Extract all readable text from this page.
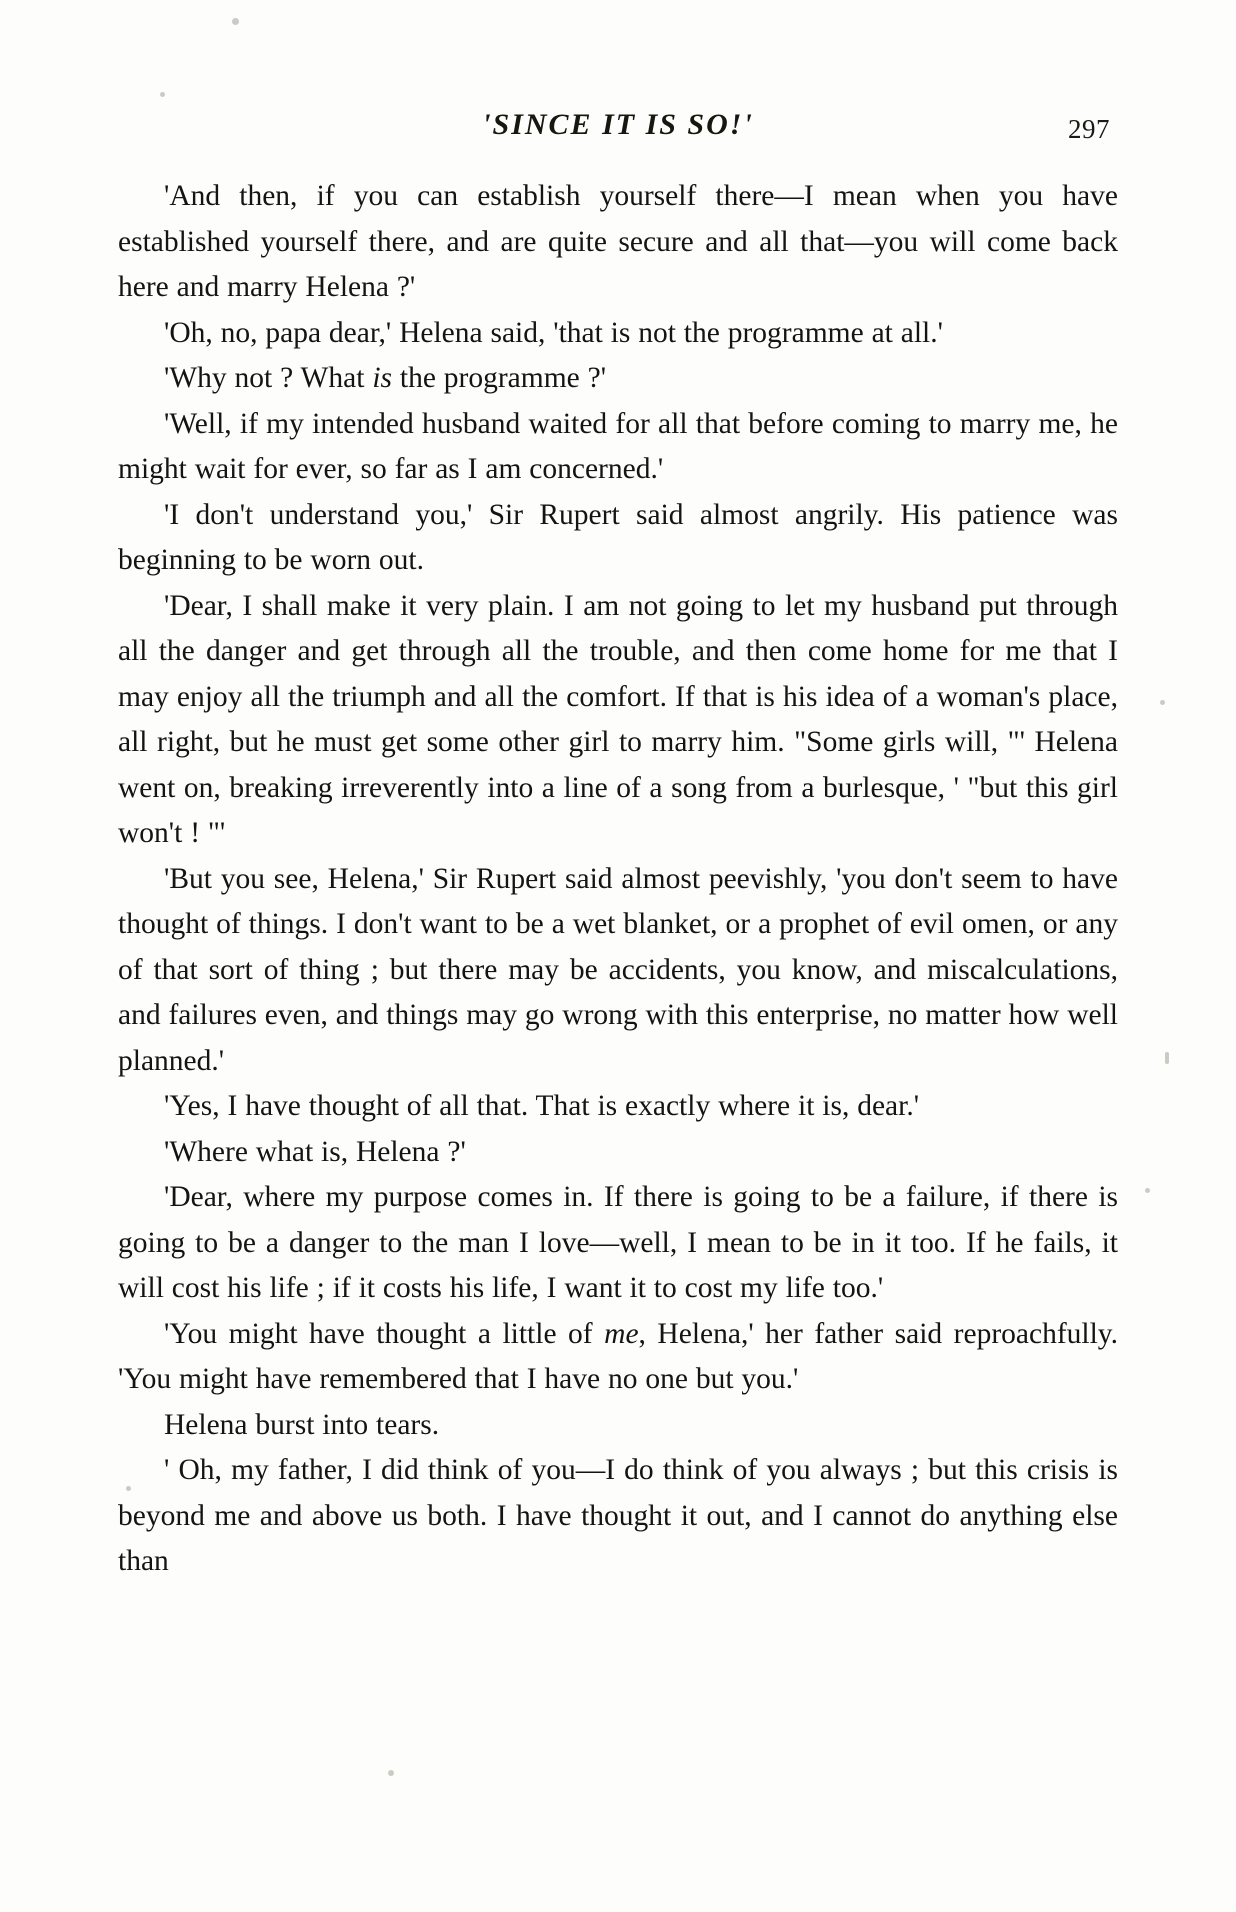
'SINCE IT IS SO!'	297

'And then, if you can establish yourself there—I mean when you have established yourself there, and are quite secure and all that—you will come back here and marry Helena ?'

'Oh, no, papa dear,' Helena said, 'that is not the programme at all.'

'Why not ? What is the programme ?'

'Well, if my intended husband waited for all that before coming to marry me, he might wait for ever, so far as I am concerned.'

'I don't understand you,' Sir Rupert said almost angrily. His patience was beginning to be worn out.

'Dear, I shall make it very plain. I am not going to let my husband put through all the danger and get through all the trouble, and then come home for me that I may enjoy all the triumph and all the comfort. If that is his idea of a woman's place, all right, but he must get some other girl to marry him. "Some girls will, "' Helena went on, breaking irreverently into a line of a song from a burlesque, ' "but this girl won't ! "'

'But you see, Helena,' Sir Rupert said almost peevishly, 'you don't seem to have thought of things. I don't want to be a wet blanket, or a prophet of evil omen, or any of that sort of thing ; but there may be accidents, you know, and miscalculations, and failures even, and things may go wrong with this enterprise, no matter how well planned.'

'Yes, I have thought of all that. That is exactly where it is, dear.'

'Where what is, Helena ?'

'Dear, where my purpose comes in. If there is going to be a failure, if there is going to be a danger to the man I love—well, I mean to be in it too. If he fails, it will cost his life ; if it costs his life, I want it to cost my life too.'

'You might have thought a little of me, Helena,' her father said reproachfully. 'You might have remembered that I have no one but you.'

Helena burst into tears.

' Oh, my father, I did think of you—I do think of you always ; but this crisis is beyond me and above us both. I have thought it out, and I cannot do anything else than
